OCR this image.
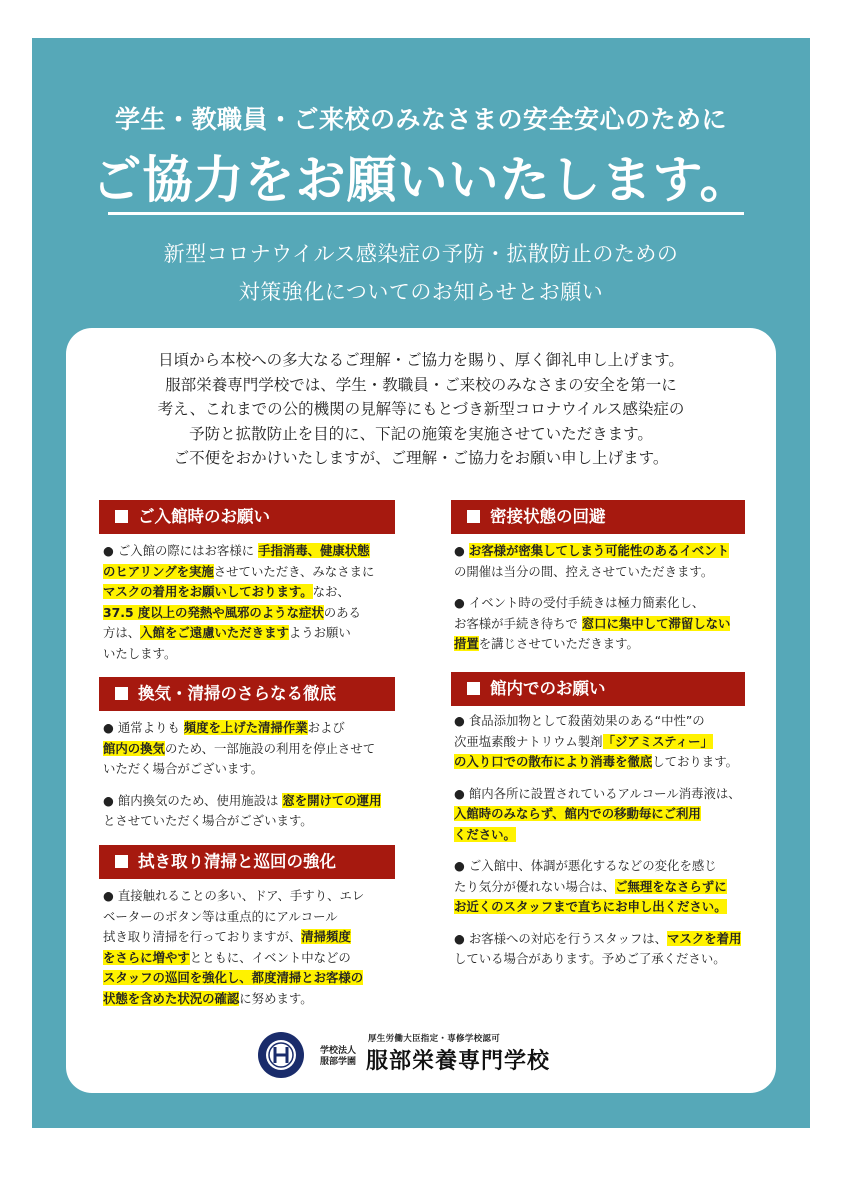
学生・教職員・ご来校のみなさまの安全安心のために
ご協力をお願いいたします。
新型コロナウイルス感染症の予防・拡散防止のための
対策強化についてのお知らせとお願い
日頃から本校への多大なるご理解・ご協力を賜り、厚く御礼申し上げます。
服部栄養専門学校では、学生・教職員・ご来校のみなさまの安全を第一に
考え、これまでの公的機関の見解等にもとづき新型コロナウイルス感染症の
予防と拡散防止を目的に、下記の施策を実施させていただきます。
ご不便をおかけいたしますが、ご理解・ご協力をお願い申し上げます。
ご入館時のお願い

● ご入館の際にはお客様に 手指消毒、健康状態
のヒアリングを実施させていただき、みなさまに
マスクの着用をお願いしております。なお、
37.5 度以上の発熱や風邪のような症状のある
方は、入館をご遠慮いただきますようお願い
いたします。

換気・清掃のさらなる徹底

● 通常よりも 頻度を上げた清掃作業および
館内の換気のため、一部施設の利用を停止させて
いただく場合がございます。

● 館内換気のため、使用施設は 窓を開けての運用
とさせていただく場合がございます。

拭き取り清掃と巡回の強化

● 直接触れることの多い、ドア、手すり、エレ
ベーターのボタン等は重点的にアルコール
拭き取り清掃を行っておりますが、清掃頻度
をさらに増やすとともに、イベント中などの
スタッフの巡回を強化し、都度清掃とお客様の
状態を含めた状況の確認に努めます。

密接状態の回避

● お客様が密集してしまう可能性のあるイベント
の開催は当分の間、控えさせていただきます。

● イベント時の受付手続きは極力簡素化し、
お客様が手続き待ちで 窓口に集中して滞留しない
措置を講じさせていただきます。

館内でのお願い

● 食品添加物として殺菌効果のある“中性”の
次亜塩素酸ナトリウム製剤「ジアミスティー」
の入り口での散布により消毒を徹底しております。

● 館内各所に設置されているアルコール消毒液は、
入館時のみならず、館内での移動毎にご利用
ください。

● ご入館中、体調が悪化するなどの変化を感じ
たり気分が優れない場合は、ご無理をなさらずに
お近くのスタッフまで直ちにお申し出ください。

● お客様への対応を行うスタッフは、マスクを着用
している場合があります。予めご了承ください。

学校法人
服部学園
厚生労働大臣指定・専修学校認可
服部栄養専門学校
